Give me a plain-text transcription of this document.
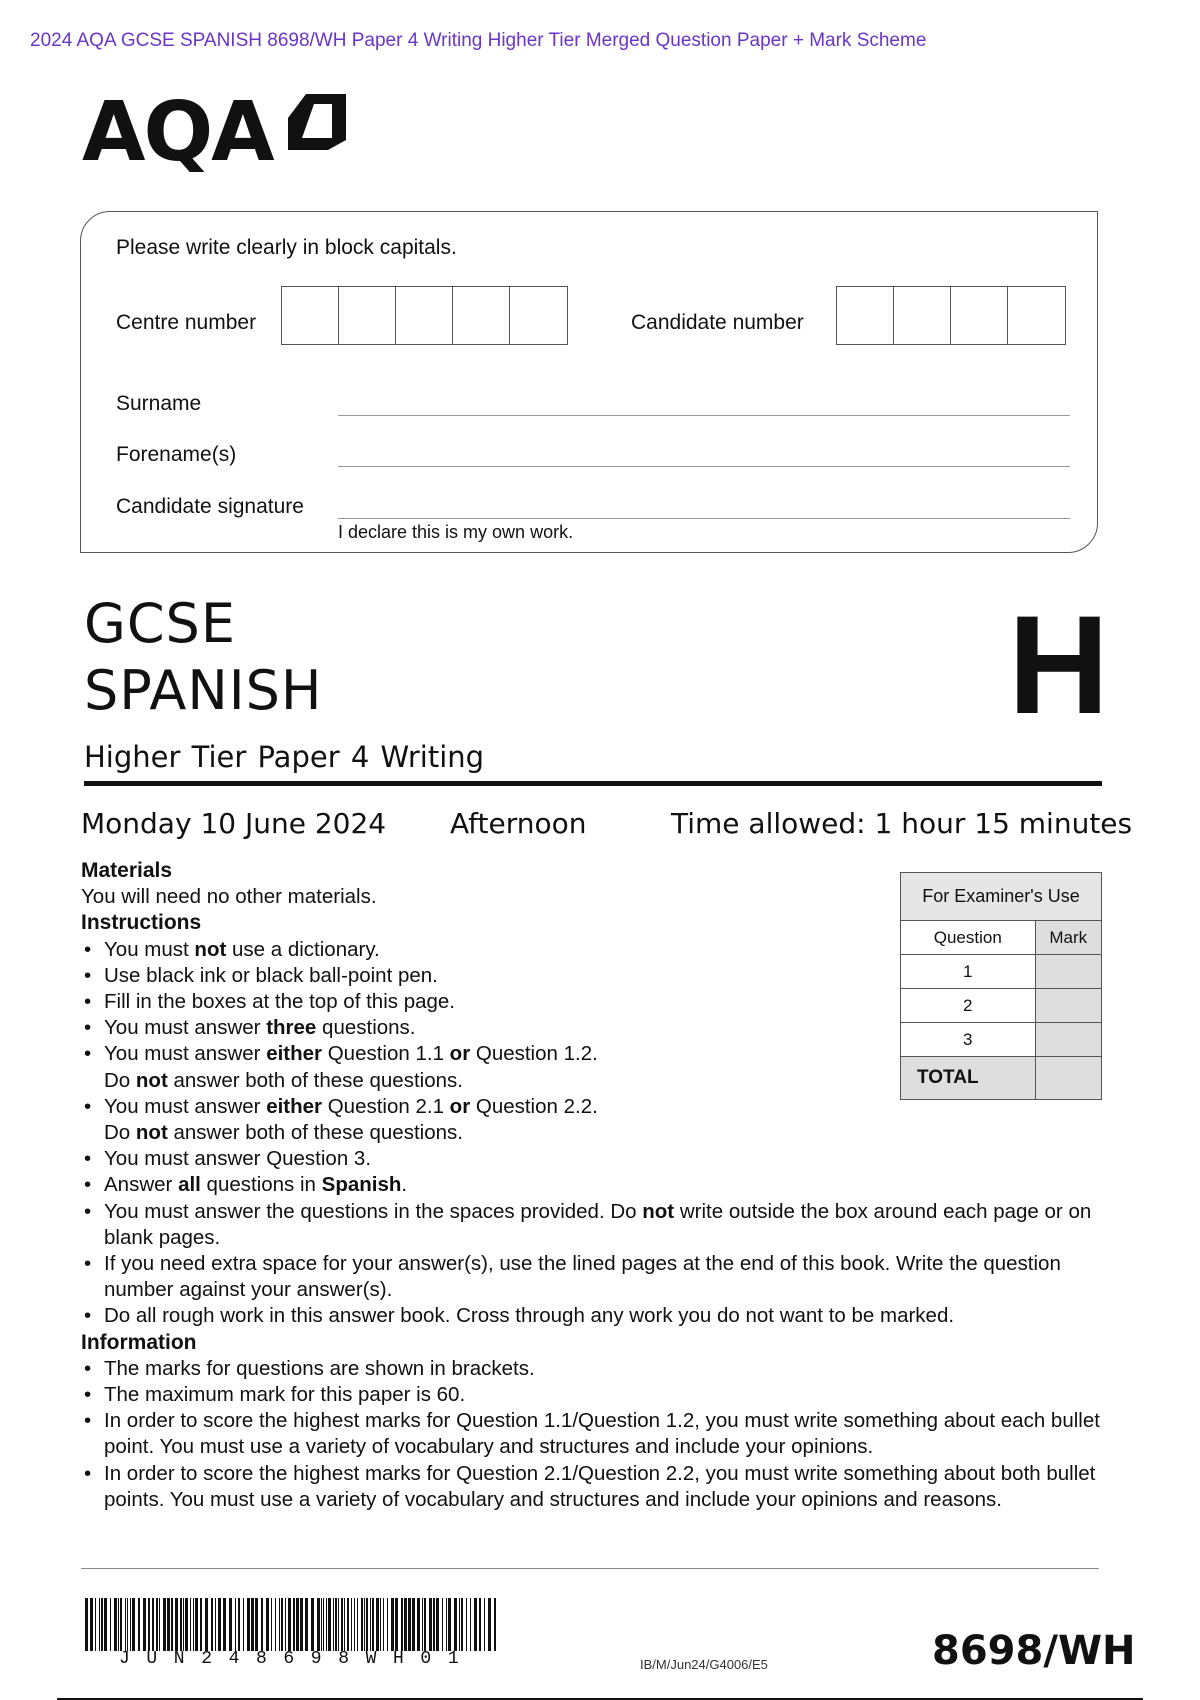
2024 AQA GCSE SPANISH 8698/WH Paper 4 Writing Higher Tier Merged Question Paper + Mark Scheme
AQA
Please write clearly in block capitals.
Centre number	Candidate number
Surname
Forename(s)
Candidate signature
I declare this is my own work.
GCSE
SPANISH	H
Higher Tier Paper 4 Writing
Monday 10 June 2024 Afternoon	Time allowed: 1 hour 15 minutes
Materials

You will need no other materials.

Instructions
• You must not use a dictionary.
• Use black ink or black ball-point pen.
• Fill in the boxes at the top of this page.
• You must answer three questions.
• You must answer either Question 1.1 or Question 1.2.
Do not answer both of these questions.
• You must answer either Question 2.1 or Question 2.2.
Do not answer both of these questions.
• You must answer Question 3.
• Answer all questions in Spanish.
• You must answer the questions in the spaces provided. Do not write outside the box around each page or on blank pages.
• If you need extra space for your answer(s), use the lined pages at the end of this book. Write the question number against your answer(s).
• Do all rough work in this answer book. Cross through any work you do not want to be marked.
Information
• The marks for questions are shown in brackets.
• The maximum mark for this paper is 60.
• In order to score the highest marks for Question 1.1/Question 1.2, you must write something about each bullet point. You must use a variety of vocabulary and structures and include your opinions.
• In order to score the highest marks for Question 2.1/Question 2.2, you must write something about both bullet points. You must use a variety of vocabulary and structures and include your opinions and reasons.
For Examiner's Use	
Question	Mark
1	
2	
3	
TOTAL	
JUN248698WH01	IB/M/Jun24/G4006/E5	8698/WH
